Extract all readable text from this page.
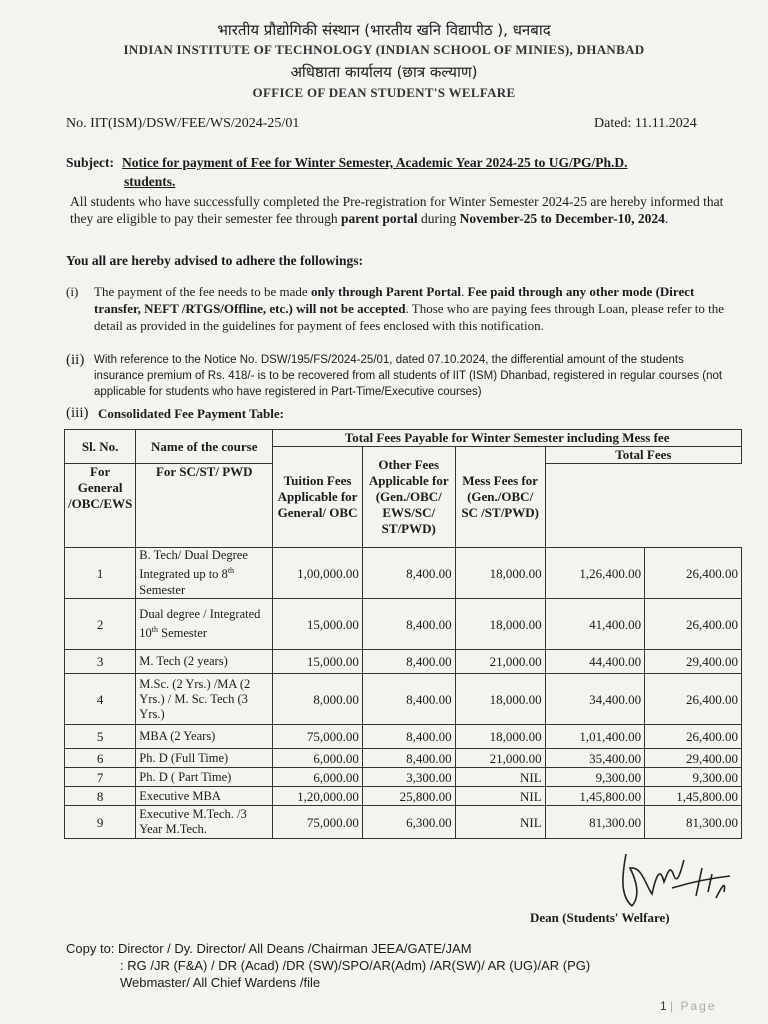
भारतीय प्रौद्योगिकी संस्थान (भारतीय खनि विद्यापीठ ), धनबाद
INDIAN INSTITUTE OF TECHNOLOGY (INDIAN SCHOOL OF MINIES), DHANBAD
अधिष्ठाता कार्यालय (छात्र कल्याण)
OFFICE OF DEAN STUDENT'S WELFARE
No. IIT(ISM)/DSW/FEE/WS/2024-25/01	Dated: 11.11.2024
Subject: Notice for payment of Fee for Winter Semester, Academic Year 2024-25 to UG/PG/Ph.D.
students.
All students who have successfully completed the Pre-registration for Winter Semester 2024-25 are hereby informed that they are eligible to pay their semester fee through parent portal during November-25 to December-10, 2024.
You all are hereby advised to adhere the followings:
(i) The payment of the fee needs to be made only through Parent Portal. Fee paid through any other mode (Direct transfer, NEFT /RTGS/Offline, etc.) will not be accepted. Those who are paying fees through Loan, please refer to the detail as provided in the guidelines for payment of fees enclosed with this notification.
(ii) With reference to the Notice No. DSW/195/FS/2024-25/01, dated 07.10.2024, the differential amount of the students insurance premium of Rs. 418/- is to be recovered from all students of IIT (ISM) Dhanbad, registered in regular courses (not applicable for students who have registered in Part-Time/Executive courses)
(iii) Consolidated Fee Payment Table:
Sl. No.	Name of the course	Total Fees Payable for Winter Semester including Mess fee				
		Tuition Fees Applicable for General/ OBC	Other Fees Applicable for (Gen./OBC/ EWS/SC/ ST/PWD)	Mess Fees for (Gen./OBC/ SC /ST/PWD)	Total Fees	
For General /OBC/EWS	For SC/ST/ PWD					
1	B. Tech/ Dual Degree Integrated up to 8th Semester	1,00,000.00	8,400.00	18,000.00	1,26,400.00	26,400.00
2	Dual degree / Integrated 10th Semester	15,000.00	8,400.00	18,000.00	41,400.00	26,400.00
3	M. Tech (2 years)	15,000.00	8,400.00	21,000.00	44,400.00	29,400.00
4	M.Sc. (2 Yrs.) /MA (2 Yrs.) / M. Sc. Tech (3 Yrs.)	8,000.00	8,400.00	18,000.00	34,400.00	26,400.00
5	MBA (2 Years)	75,000.00	8,400.00	18,000.00	1,01,400.00	26,400.00
6	Ph. D (Full Time)	6,000.00	8,400.00	21,000.00	35,400.00	29,400.00
7	Ph. D ( Part Time)	6,000.00	3,300.00	NIL	9,300.00	9,300.00
8	Executive MBA	1,20,000.00	25,800.00	NIL	1,45,800.00	1,45,800.00
9	Executive M.Tech. /3 Year M.Tech.	75,000.00	6,300.00	NIL	81,300.00	81,300.00
Dean (Students' Welfare)
Copy to: Director / Dy. Director/ All Deans /Chairman JEEA/GATE/JAM
: RG /JR (F&A) / DR (Acad) /DR (SW)/SPO/AR(Adm) /AR(SW)/ AR (UG)/AR (PG)
Webmaster/ All Chief Wardens /file
1 | Page
